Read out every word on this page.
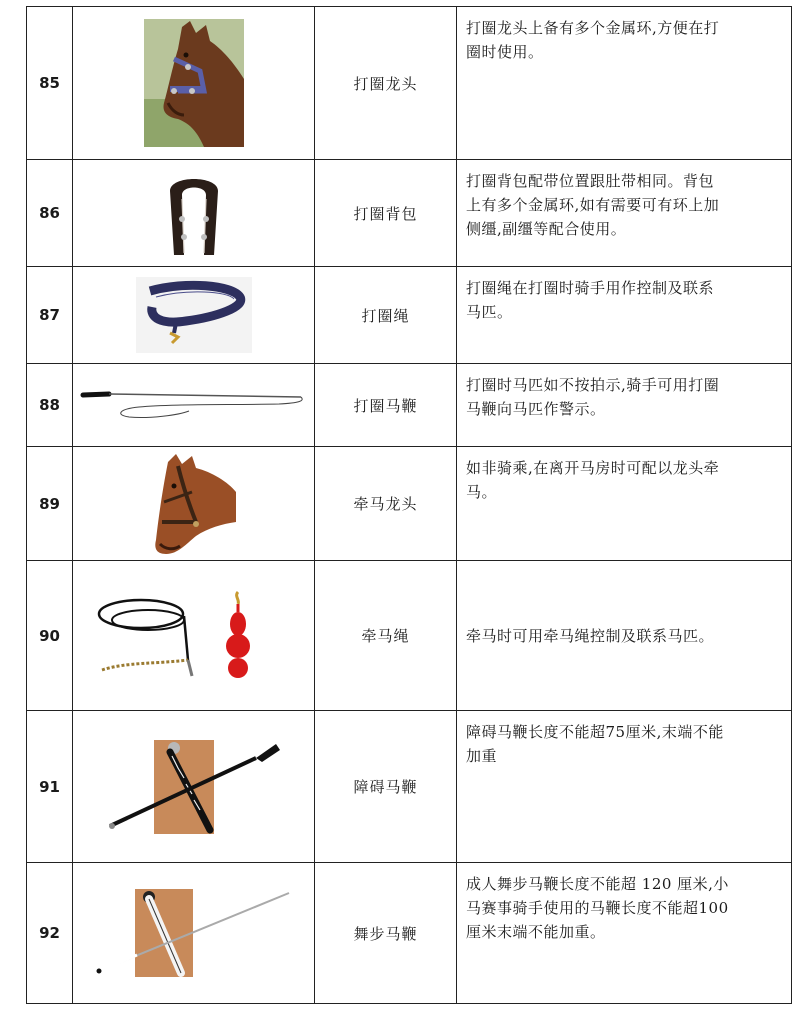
85		打圈龙头	打圈龙头上备有多个金属环,方便在打
圈时使用。

86		打圈背包	打圈背包配带位置跟肚带相同。背包
上有多个金属环,如有需要可有环上加
侧缰,副缰等配合使用。

87		打圈绳	打圈绳在打圈时骑手用作控制及联系
马匹。

88		打圈马鞭	打圈时马匹如不按拍示,骑手可用打圈
马鞭向马匹作警示。

89		牵马龙头	如非骑乘,在离开马房时可配以龙头牵
马。

90		牵马绳	牵马时可用牵马绳控制及联系马匹。

91		障碍马鞭	障碍马鞭长度不能超75厘米,末端不能
加重

92		舞步马鞭	成人舞步马鞭长度不能超 120 厘米,小
马赛事骑手使用的马鞭长度不能超100
厘米末端不能加重。
